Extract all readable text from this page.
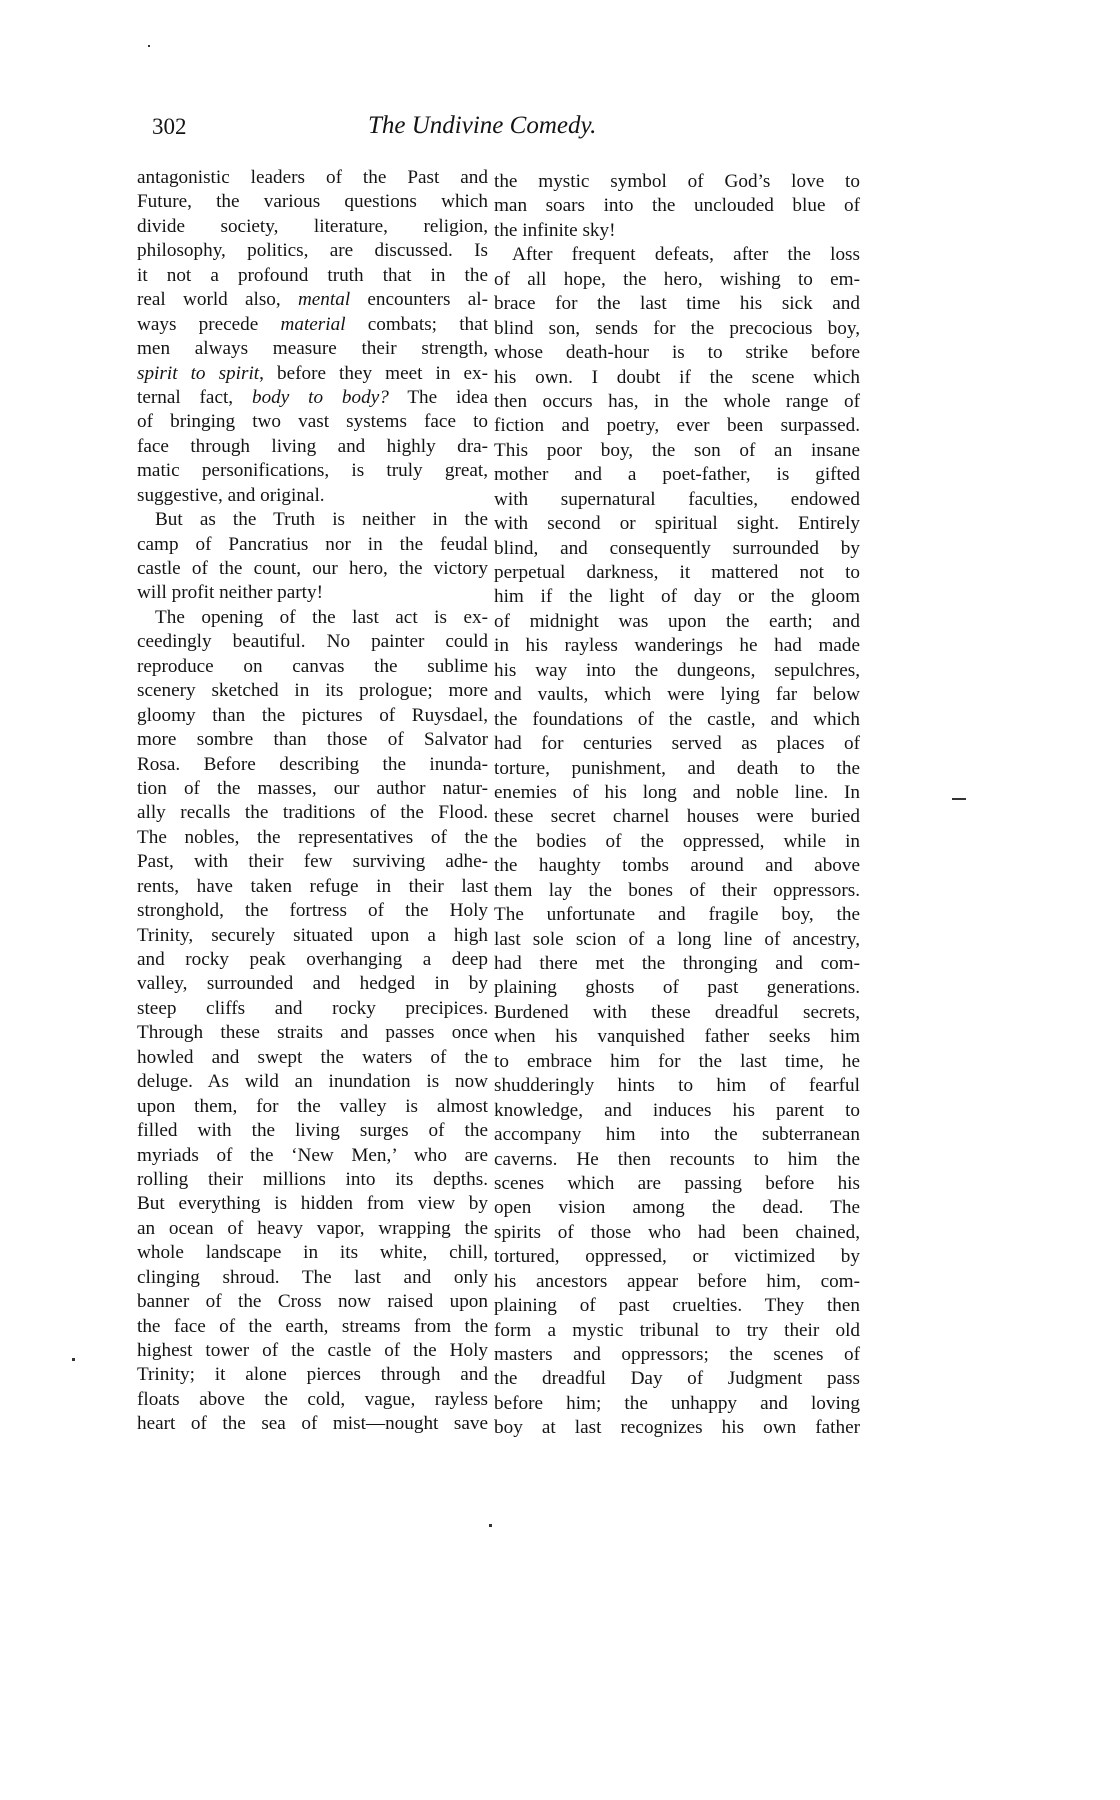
302	The Undivine Comedy.
antagonistic leaders of the Past and
Future, the various questions which
divide society, literature, religion,
philosophy, politics, are discussed. Is
it not a profound truth that in the
real world also, mental encounters al-
ways precede material combats; that
men always measure their strength,
spirit to spirit, before they meet in ex-
ternal fact, body to body? The idea
of bringing two vast systems face to
face through living and highly dra-
matic personifications, is truly great,
suggestive, and original.
But as the Truth is neither in the
camp of Pancratius nor in the feudal
castle of the count, our hero, the victory
will profit neither party!
The opening of the last act is ex-
ceedingly beautiful. No painter could
reproduce on canvas the sublime
scenery sketched in its prologue; more
gloomy than the pictures of Ruysdael,
more sombre than those of Salvator
Rosa. Before describing the inunda-
tion of the masses, our author natur-
ally recalls the traditions of the Flood.
The nobles, the representatives of the
Past, with their few surviving adhe-
rents, have taken refuge in their last
stronghold, the fortress of the Holy
Trinity, securely situated upon a high
and rocky peak overhanging a deep
valley, surrounded and hedged in by
steep cliffs and rocky precipices.
Through these straits and passes once
howled and swept the waters of the
deluge. As wild an inundation is now
upon them, for the valley is almost
filled with the living surges of the
myriads of the ‘New Men,’ who are
rolling their millions into its depths.
But everything is hidden from view by
an ocean of heavy vapor, wrapping the
whole landscape in its white, chill,
clinging shroud. The last and only
banner of the Cross now raised upon
the face of the earth, streams from the
highest tower of the castle of the Holy
Trinity; it alone pierces through and
floats above the cold, vague, rayless
heart of the sea of mist—nought save
the mystic symbol of God’s love to
man soars into the unclouded blue of
the infinite sky!
After frequent defeats, after the loss
of all hope, the hero, wishing to em-
brace for the last time his sick and
blind son, sends for the precocious boy,
whose death-hour is to strike before
his own. I doubt if the scene which
then occurs has, in the whole range of
fiction and poetry, ever been surpassed.
This poor boy, the son of an insane
mother and a poet-father, is gifted
with supernatural faculties, endowed
with second or spiritual sight. Entirely
blind, and consequently surrounded by
perpetual darkness, it mattered not to
him if the light of day or the gloom
of midnight was upon the earth; and
in his rayless wanderings he had made
his way into the dungeons, sepulchres,
and vaults, which were lying far below
the foundations of the castle, and which
had for centuries served as places of
torture, punishment, and death to the
enemies of his long and noble line. In
these secret charnel houses were buried
the bodies of the oppressed, while in
the haughty tombs around and above
them lay the bones of their oppressors.
The unfortunate and fragile boy, the
last sole scion of a long line of ancestry,
had there met the thronging and com-
plaining ghosts of past generations.
Burdened with these dreadful secrets,
when his vanquished father seeks him
to embrace him for the last time, he
shudderingly hints to him of fearful
knowledge, and induces his parent to
accompany him into the subterranean
caverns. He then recounts to him the
scenes which are passing before his
open vision among the dead. The
spirits of those who had been chained,
tortured, oppressed, or victimized by
his ancestors appear before him, com-
plaining of past cruelties. They then
form a mystic tribunal to try their old
masters and oppressors; the scenes of
the dreadful Day of Judgment pass
before him; the unhappy and loving
boy at last recognizes his own father
